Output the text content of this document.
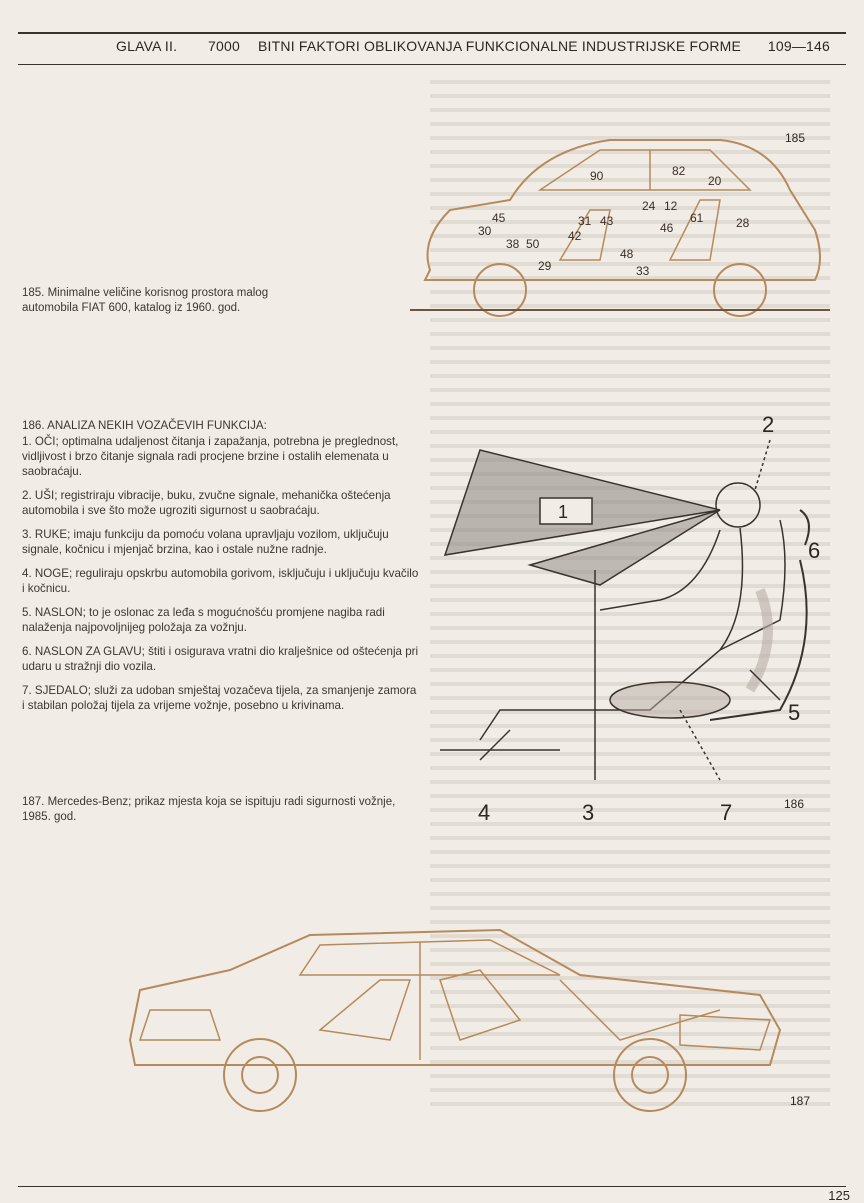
GLAVA II. 7000 BITNI FAKTORI OBLIKOVANJA FUNKCIONALNE INDUSTRIJSKE FORME 109—146
90	82
20
45
30
31 43
24 12
61	28
38 50
42
46
29
48
33
185
185. Minimalne veličine korisnog prostora malog automobila FIAT 600, katalog iz 1960. god.
1
2
3
4
5
6
7	186

186. ANALIZA NEKIH VOZAČEVIH FUNKCIJA:

1. OČI; optimalna udaljenost čitanja i zapažanja, potrebna je preglednost, vidljivost i brzo čitanje signala radi procjene brzine i ostalih elemenata u saobraćaju.

2. UŠI; registriraju vibracije, buku, zvučne signale, mehanička oštećenja automobila i sve što može ugroziti sigurnost u saobraćaju.

3. RUKE; imaju funkciju da pomoću volana upravljaju vozilom, uključuju signale, kočnicu i mjenjač brzina, kao i ostale nužne radnje.

4. NOGE; reguliraju opskrbu automobila gorivom, isključuju i uključuju kvačilo i kočnicu.

5. NASLON; to je oslonac za leđa s mogućnošću promjene nagiba radi nalaženja najpovoljnijeg položaja za vožnju.

6. NASLON ZA GLAVU; štiti i osigurava vratni dio kralješnice od oštećenja pri udaru u stražnji dio vozila.

7. SJEDALO; služi za udoban smještaj vozačeva tijela, za smanjenje zamora i stabilan položaj tijela za vrijeme vožnje, posebno u krivinama.

187. Mercedes-Benz; prikaz mjesta koja se ispituju radi sigurnosti vožnje, 1985. god.
187
125
